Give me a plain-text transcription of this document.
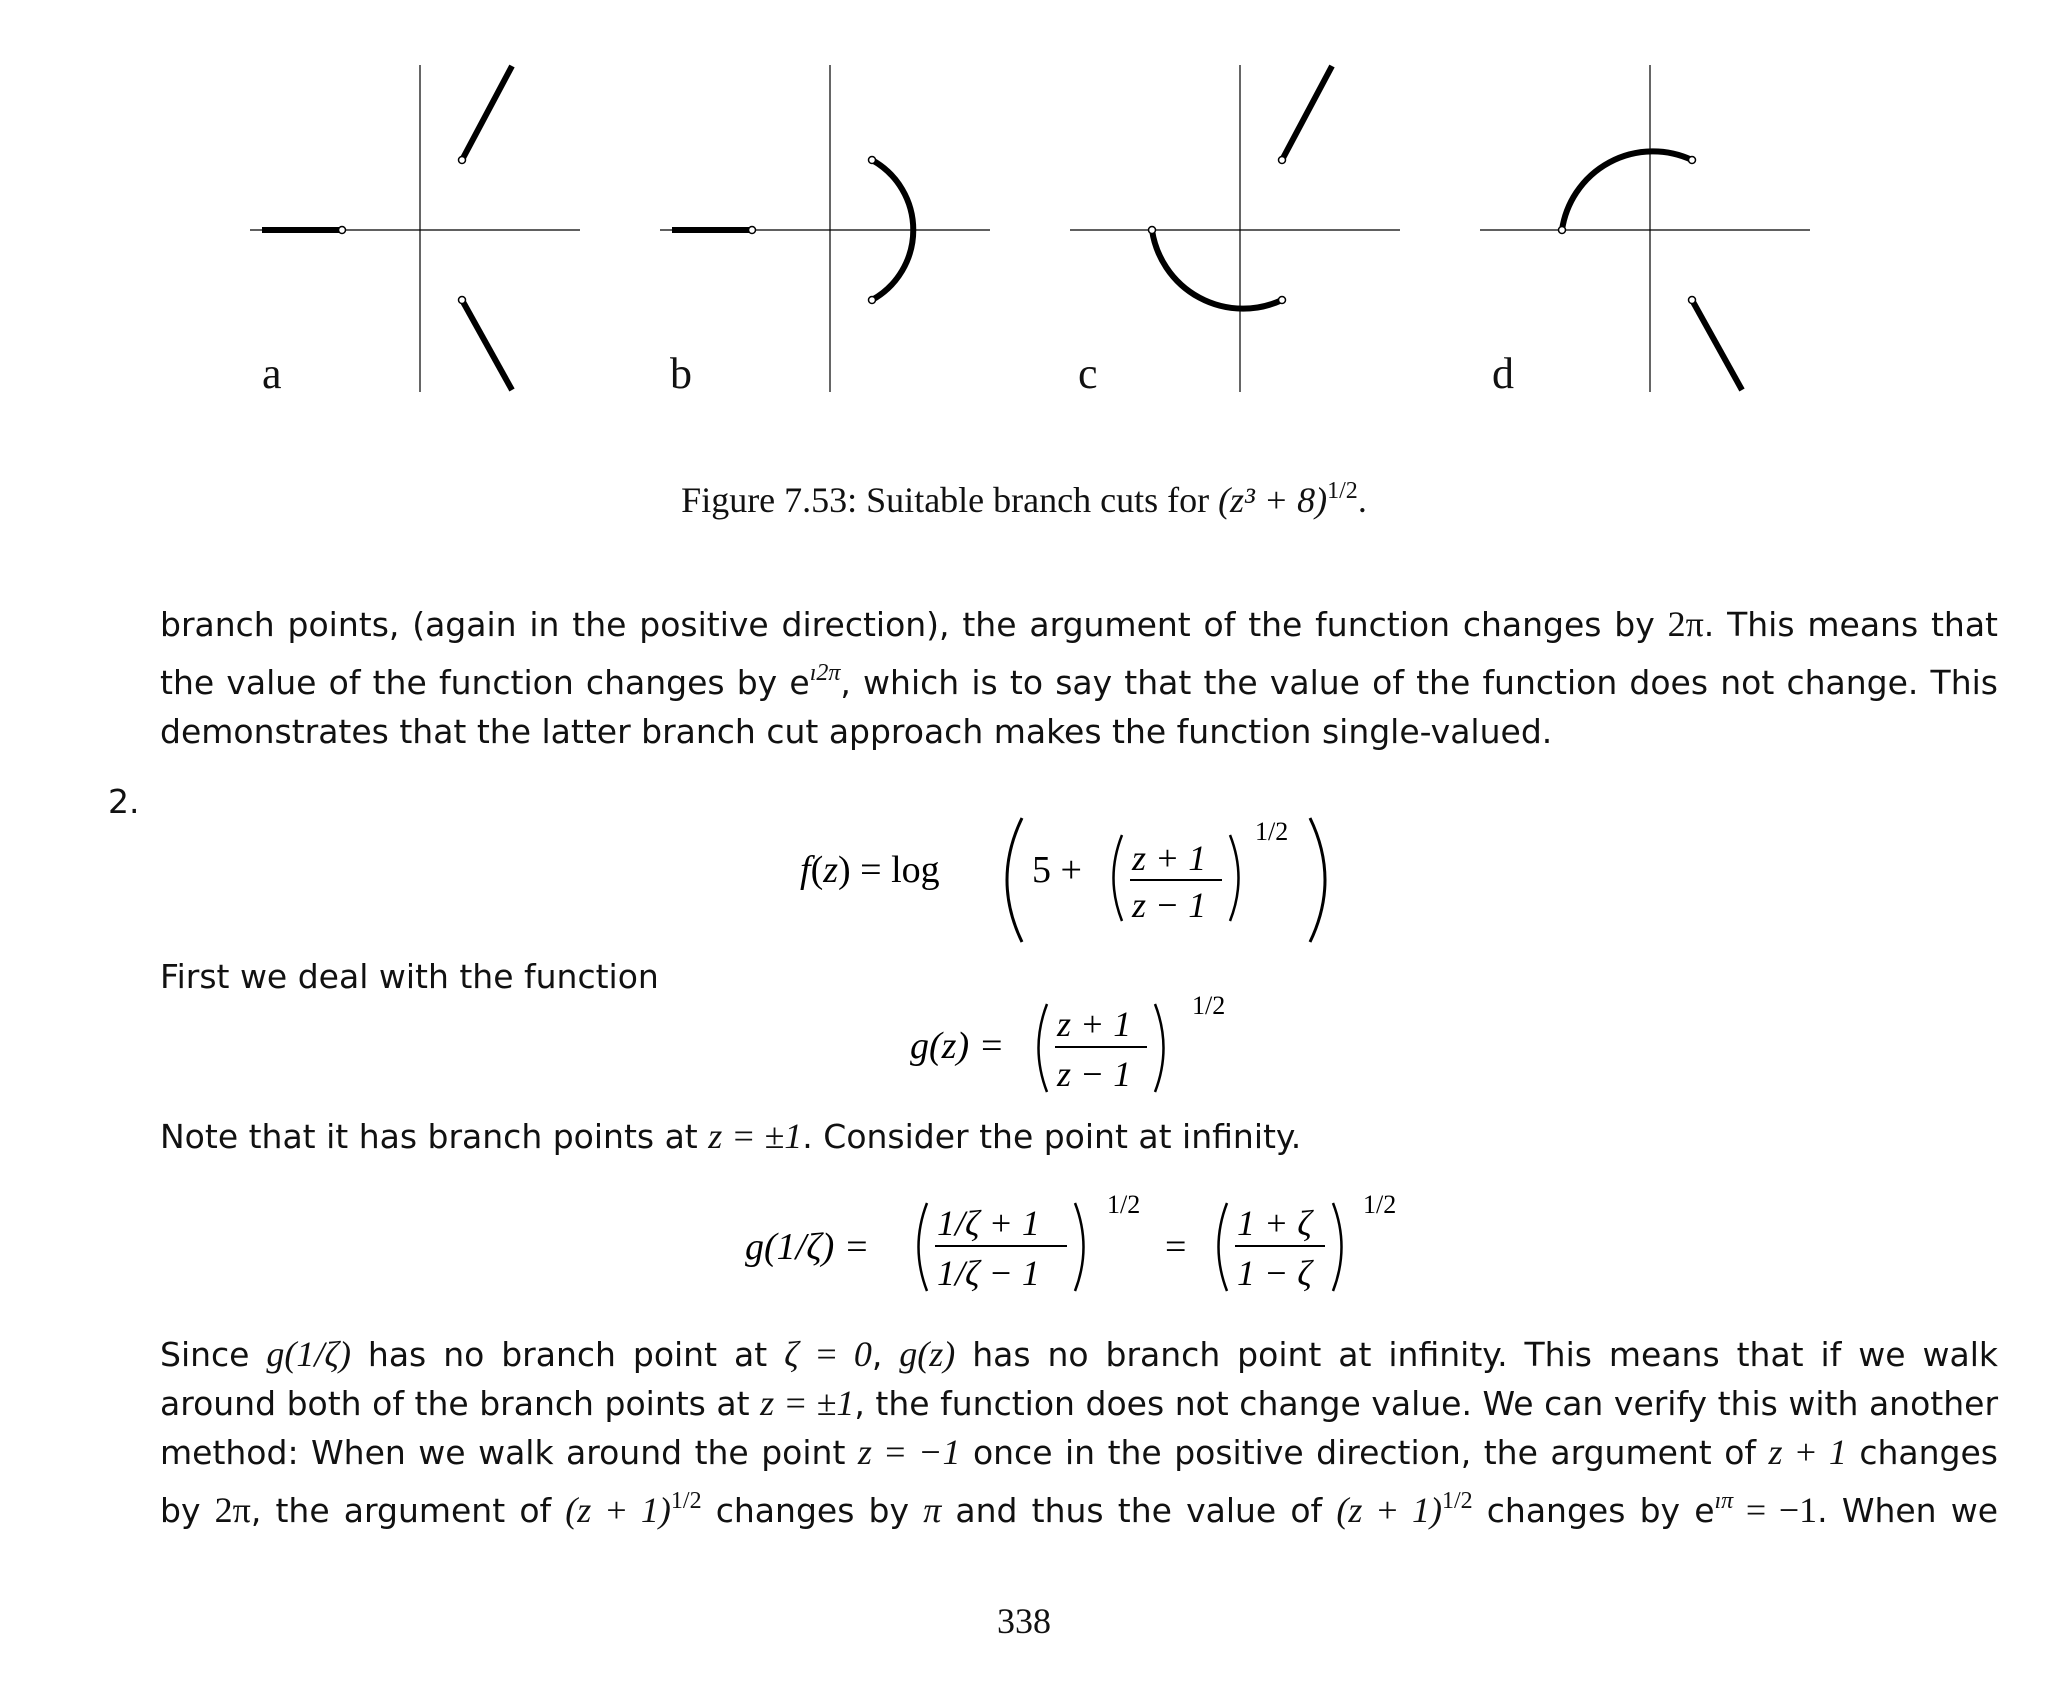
a	b	c	d
Figure 7.53: Suitable branch cuts for $(z^3 + 8)^{1/2}$.
branch points, (again in the positive direction), the argument of the function changes by 2π. This means that
the value of the function changes by $e^{ı2\pi}$, which is to say that the value of the function does not change. This
demonstrates that the latter branch cut approach makes the function single-valued.
2.
f(z) = log 5 + z + 1
z − 1
1/2
First we deal with the function
g(z) =
z + 1
z − 1
1/2
Note that it has branch points at z = ±1. Consider the point at infinity.
g(1/ζ) =
1/ζ + 1
1/ζ − 1
1/2
=
1 + ζ
1 − ζ
1/2
Since g(1/ζ) has no branch point at ζ = 0, g(z) has no branch point at infinity. This means that if we walk
around both of the branch points at z = ±1, the function does not change value. We can verify this with another
method: When we walk around the point z = −1 once in the positive direction, the argument of z + 1 changes
by 2π, the argument of $(z + 1)^{1/2}$ changes by π and thus the value of $(z + 1)^{1/2}$ changes by $e^{ı\pi} = -1$. When we
338
